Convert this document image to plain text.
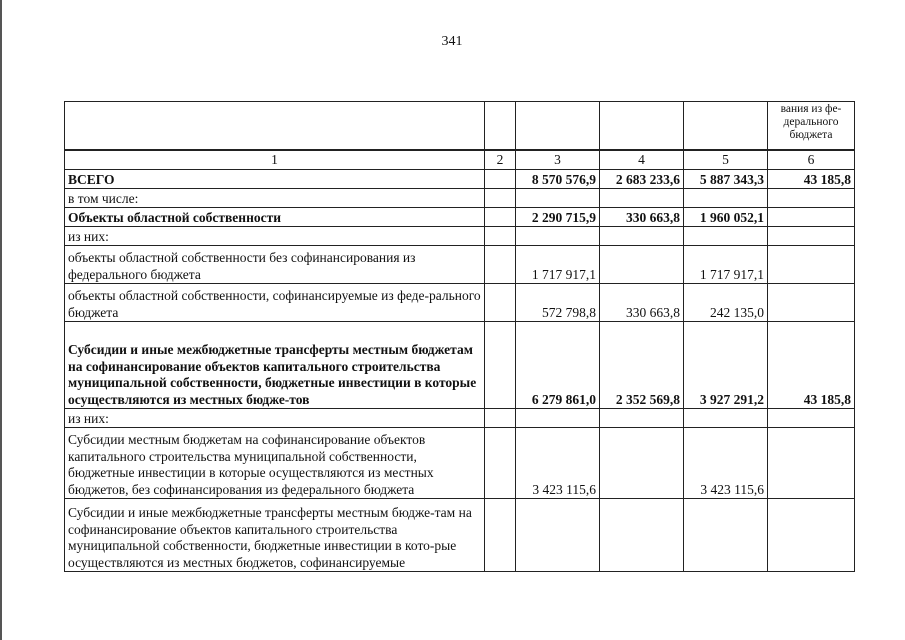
341
					вания из фе-дерального бюджета
1	2	3	4	5	6
ВСЕГО		8 570 576,9	2 683 233,6	5 887 343,3	43 185,8
в том числе:					
Объекты областной собственности		2 290 715,9	330 663,8	1 960 052,1	
из них:					
объекты областной собственности без софинансирования из федерального бюджета		1 717 917,1		1 717 917,1	
объекты областной собственности, софинансируемые из феде-рального бюджета		572 798,8	330 663,8	242 135,0	
Субсидии и иные межбюджетные трансферты местным бюджетам на софинансирование объектов капитального строительства муниципальной собственности, бюджетные инвестиции в которые осуществляются из местных бюдже-тов		6 279 861,0	2 352 569,8	3 927 291,2	43 185,8
из них:					
Субсидии местным бюджетам на софинансирование объектов капитального строительства муниципальной собственности, бюджетные инвестиции в которые осуществляются из местных бюджетов, без софинансирования из федерального бюджета		3 423 115,6		3 423 115,6	
Субсидии и иные межбюджетные трансферты местным бюдже-там на софинансирование объектов капитального строительства муниципальной собственности, бюджетные инвестиции в кото-рые осуществляются из местных бюджетов, софинансируемые					
